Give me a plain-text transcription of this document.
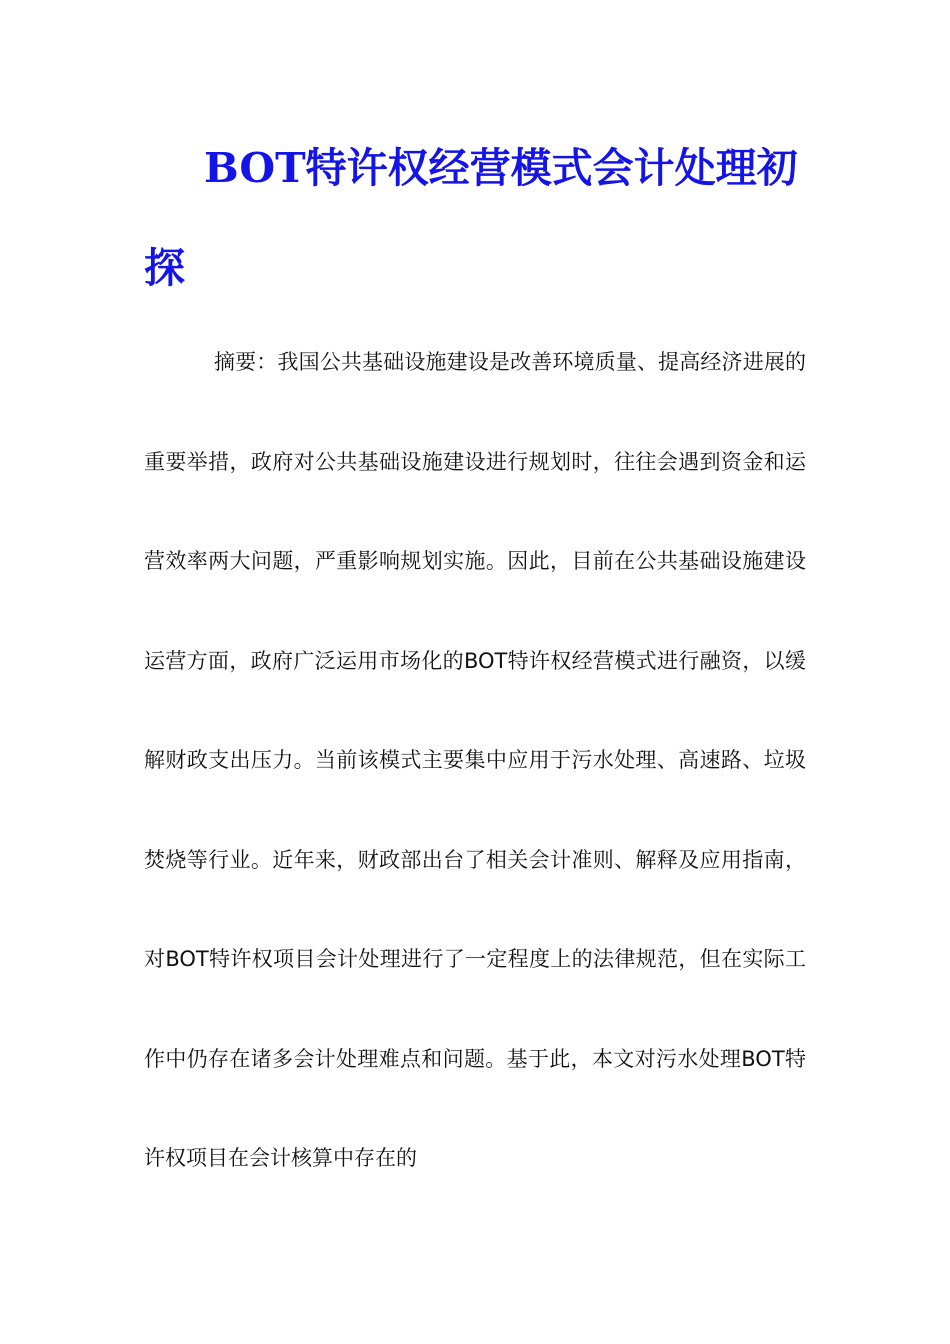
BOT特许权经营模式会计处理初探

摘要：我国公共基础设施建设是改善环境质量、提高经济进展的重要举措，政府对公共基础设施建设进行规划时，往往会遇到资金和运营效率两大问题，严重影响规划实施。因此，目前在公共基础设施建设运营方面，政府广泛运用市场化的BOT特许权经营模式进行融资，以缓解财政支出压力。当前该模式主要集中应用于污水处理、高速路、垃圾焚烧等行业。近年来，财政部出台了相关会计准则、解释及应用指南，对BOT特许权项目会计处理进行了一定程度上的法律规范，但在实际工作中仍存在诸多会计处理难点和问题。基于此，本文对污水处理BOT特许权项目在会计核算中存在的
